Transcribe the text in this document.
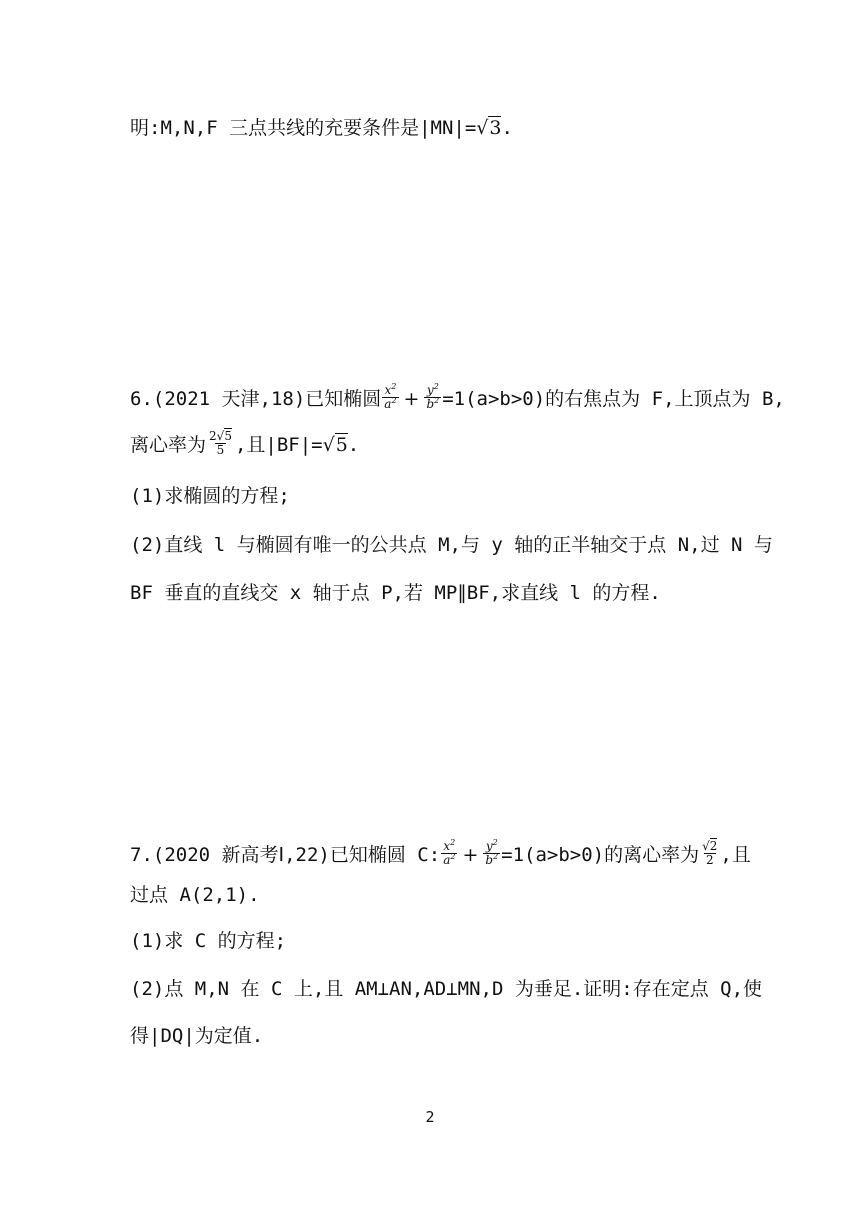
明:M,N,F 三点共线的充要条件是|MN|=√3.
6.(2021 天津,18)已知椭圆 $\frac{x^2}{a^2} + \frac{y^2}{b^2} =1(a>b>0)$的右焦点为 F,上顶点为 B,
离心率为 $\frac{2√5}{5}$ ,且|BF|=√5.
(1)求椭圆的方程;
(2)直线 l 与椭圆有唯一的公共点 M,与 y 轴的正半轴交于点 N,过 N 与
BF 垂直的直线交 x 轴于点 P,若 MP∥BF,求直线 l 的方程.
7.(2020 新高考Ⅰ,22)已知椭圆 C: $\frac{x^2}{a^2} + \frac{y^2}{b^2} =1(a>b>0)$的离心率为 $\frac{√2}{2}$ ,且
过点 A(2,1).
(1)求 C 的方程;
(2)点 M,N 在 C 上,且 AM⊥AN,AD⊥MN,D 为垂足.证明:存在定点 Q,使
得|DQ|为定值.
2
